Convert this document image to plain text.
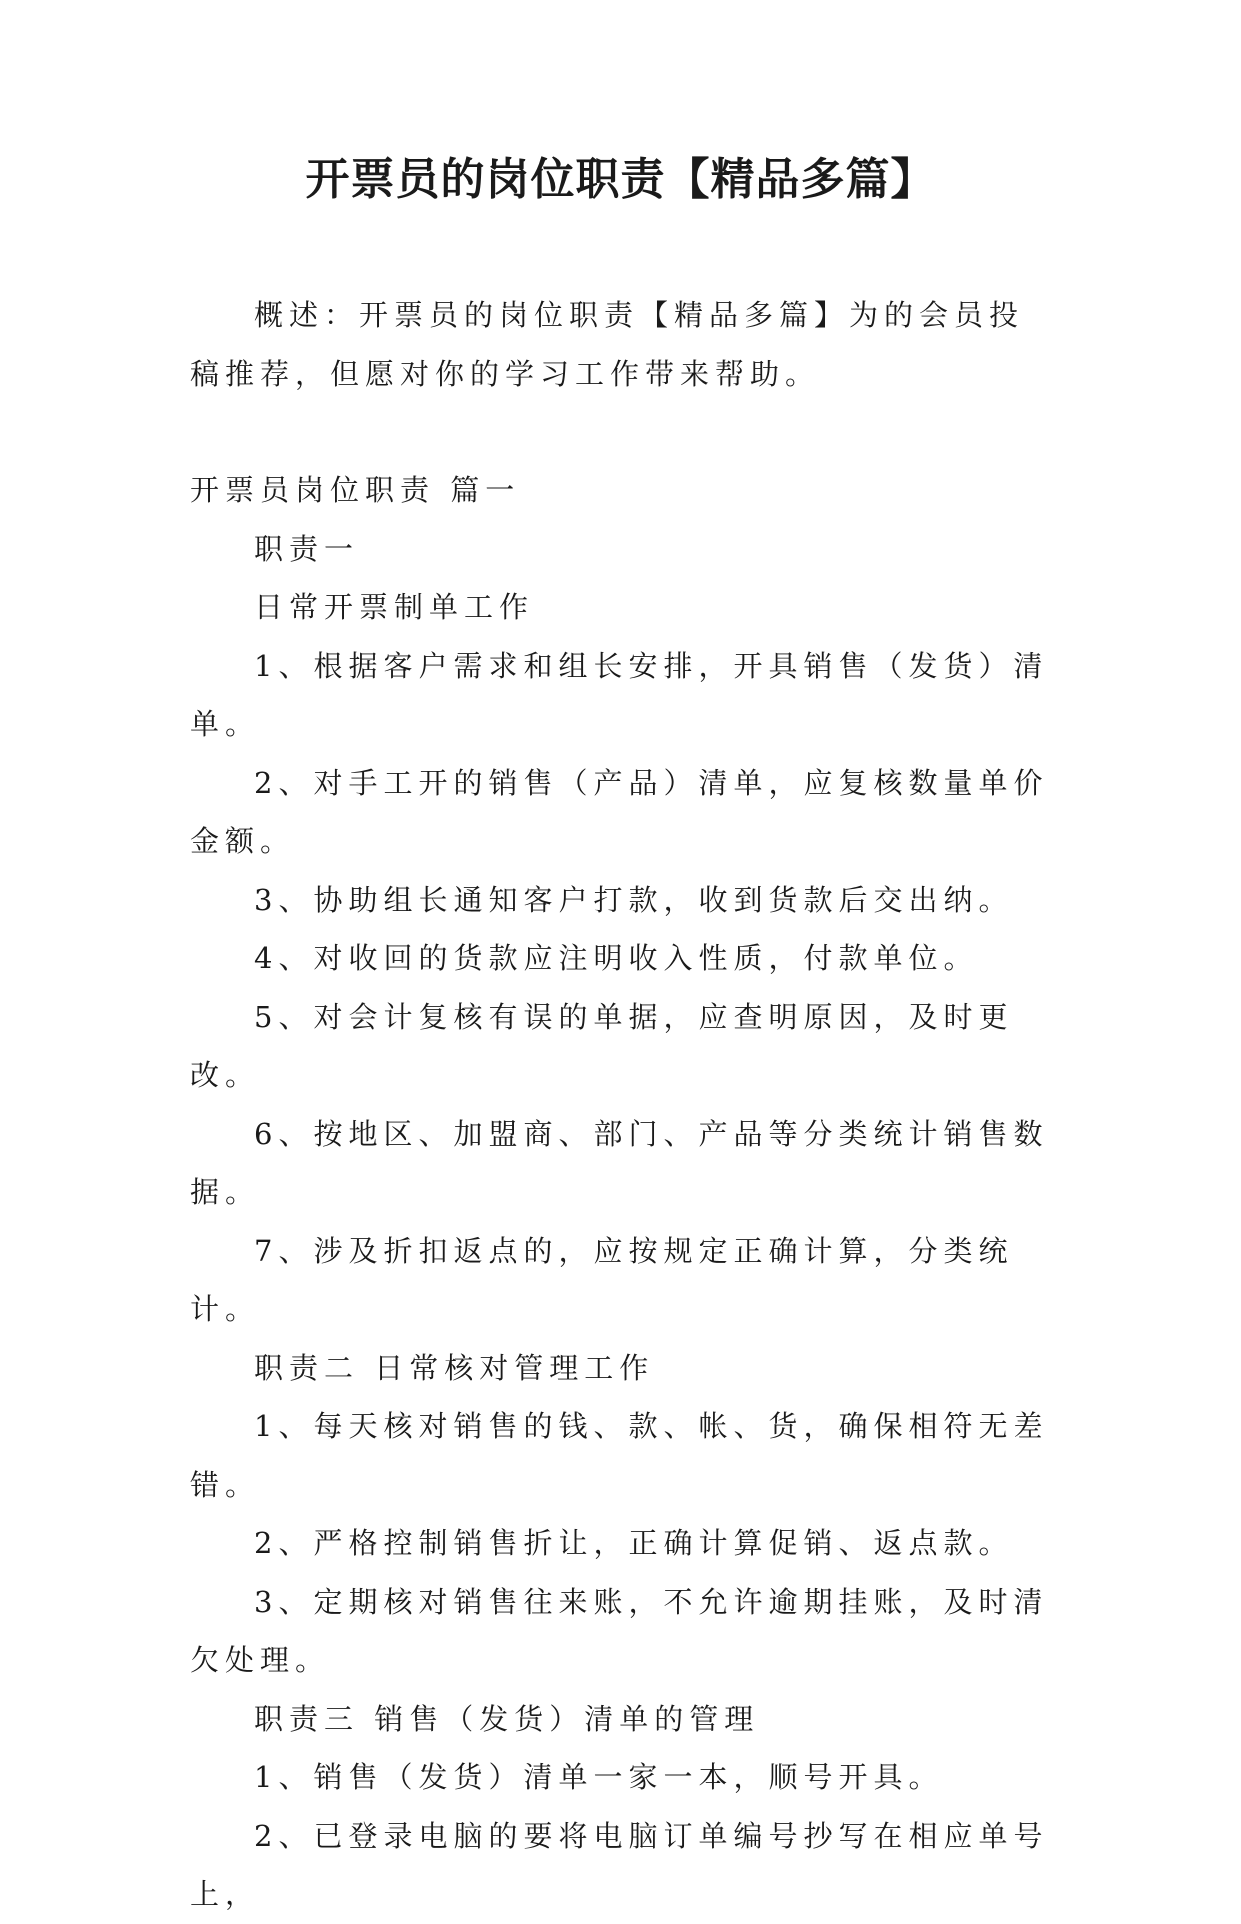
开票员的岗位职责【精品多篇】

概述：开票员的岗位职责【精品多篇】为的会员投稿推荐，但愿对你的学习工作带来帮助。

开票员岗位职责 篇一

职责一

日常开票制单工作

1、根据客户需求和组长安排，开具销售（发货）清单。

2、对手工开的销售（产品）清单，应复核数量单价金额。

3、协助组长通知客户打款，收到货款后交出纳。

4、对收回的货款应注明收入性质，付款单位。

5、对会计复核有误的单据，应查明原因，及时更改。

6、按地区、加盟商、部门、产品等分类统计销售数据。

7、涉及折扣返点的，应按规定正确计算，分类统计。

职责二 日常核对管理工作

1、每天核对销售的钱、款、帐、货，确保相符无差错。

2、严格控制销售折让，正确计算促销、返点款。

3、定期核对销售往来账，不允许逾期挂账，及时清欠处理。

职责三 销售（发货）清单的管理

1、销售（发货）清单一家一本，顺号开具。

2、已登录电脑的要将电脑订单编号抄写在相应单号上，
